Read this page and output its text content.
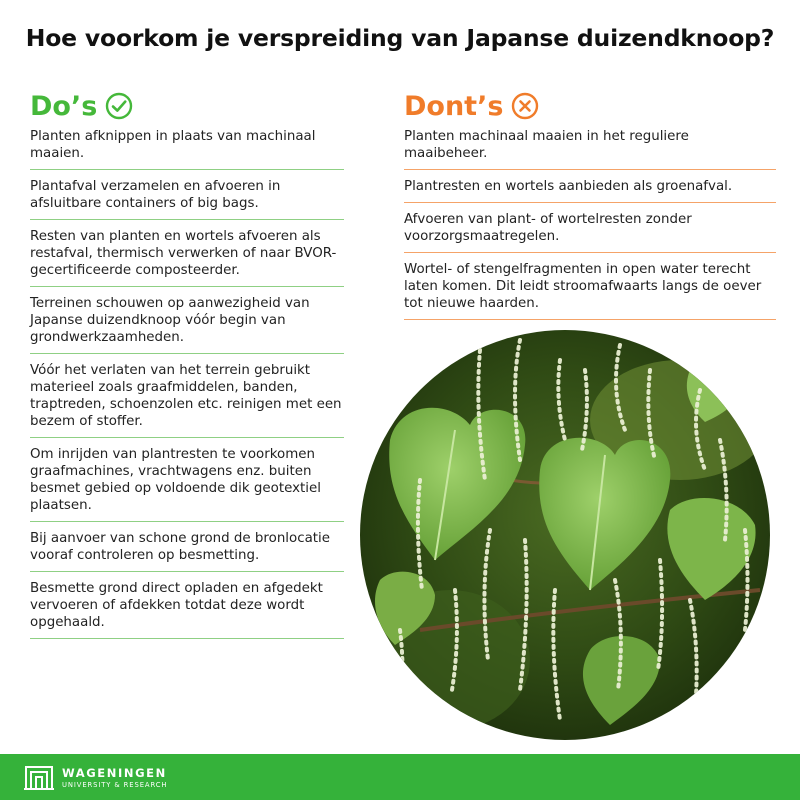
Hoe voorkom je verspreiding van Japanse duizendknoop?
Do’s	Dont’s
Planten afknippen in plaats van machinaal maaien.
Plantafval verzamelen en afvoeren in afsluitbare containers of big bags.
Resten van planten en wortels afvoeren als restafval, thermisch verwerken of naar BVOR-gecertificeerde composteerder.
Terreinen schouwen op aanwezigheid van Japanse duizendknoop vóór begin van grondwerkzaamheden.
Vóór het verlaten van het terrein gebruikt materieel zoals graafmiddelen, banden, traptreden, schoenzolen etc. reinigen met een bezem of stoffer.
Om inrijden van plantresten te voorkomen graafmachines, vrachtwagens enz. buiten besmet gebied op voldoende dik geotextiel plaatsen.
Bij aanvoer van schone grond de bronlocatie vooraf controleren op besmetting.
Besmette grond direct opladen en afgedekt vervoeren of afdekken totdat deze wordt opgehaald.
Planten machinaal maaien in het reguliere maaibeheer.
Plantresten en wortels aanbieden als groenafval.
Afvoeren van plant- of wortelresten zonder voorzorgsmaatregelen.
Wortel- of stengelfragmenten in open water terecht laten komen. Dit leidt stroomafwaarts langs de oever tot nieuwe haarden.
WAGENINGEN
UNIVERSITY & RESEARCH
